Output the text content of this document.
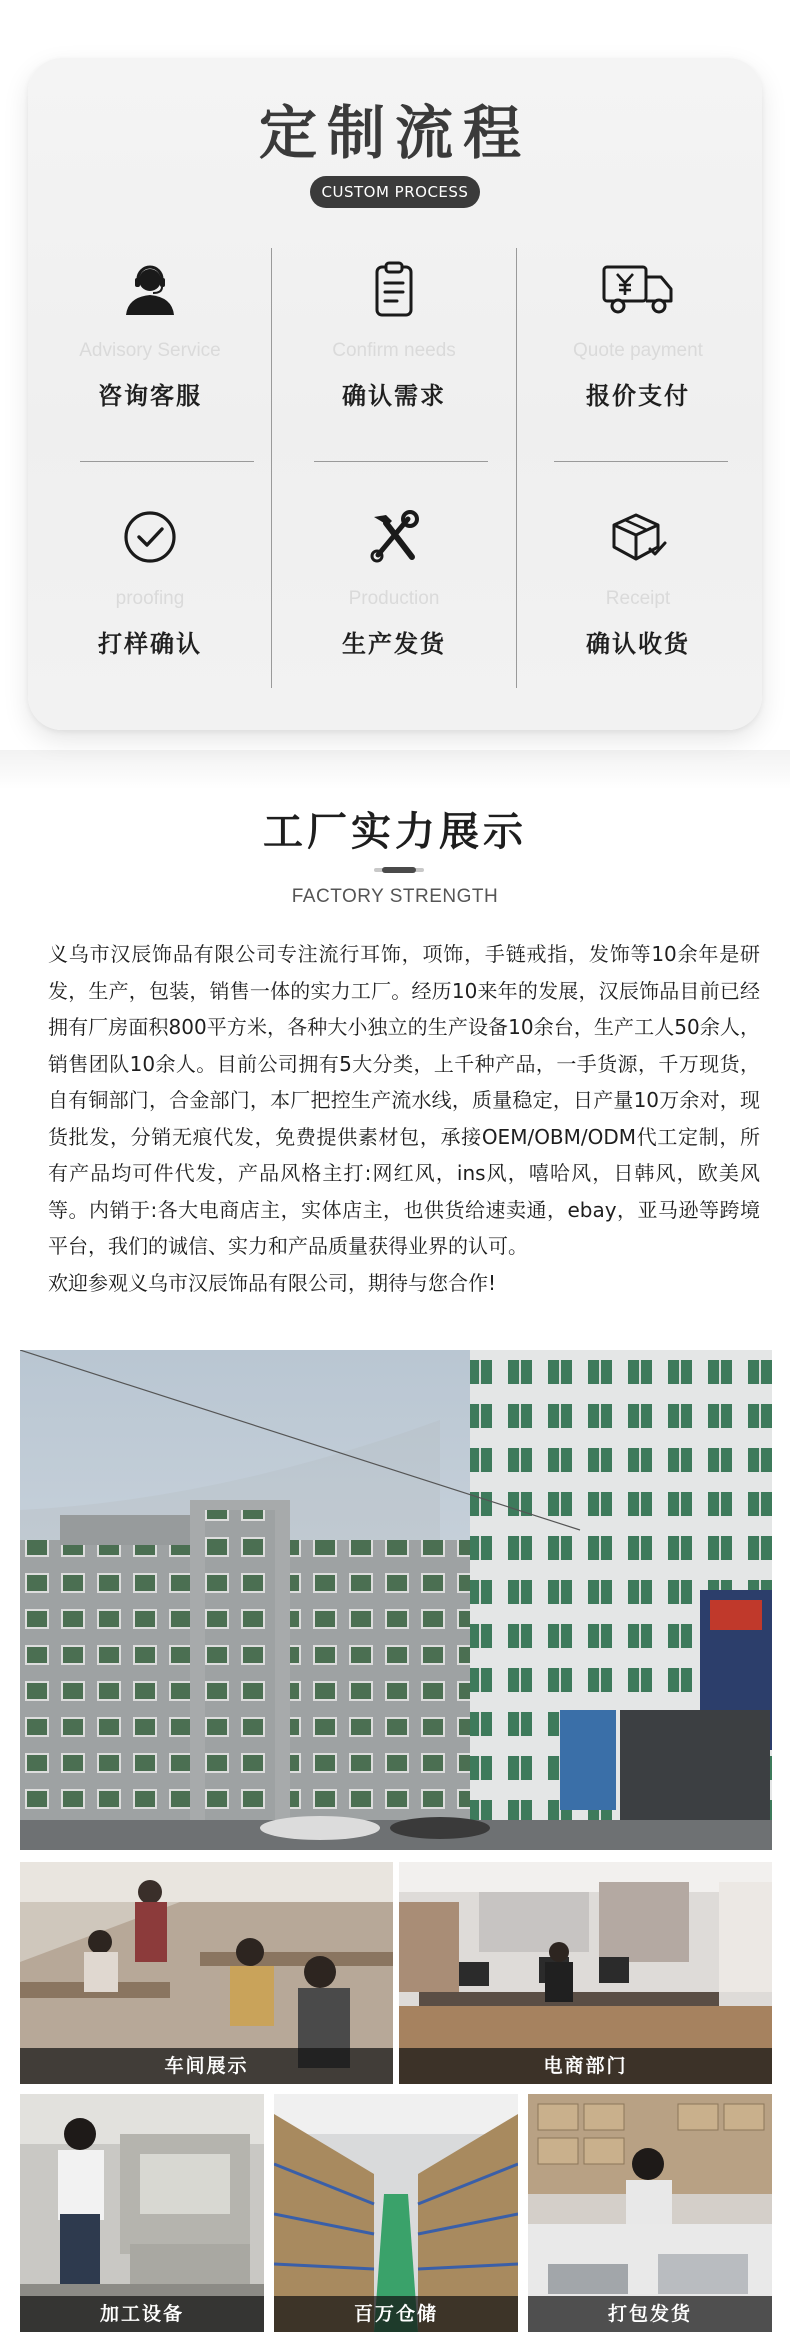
定制流程
CUSTOM PROCESS
Advisory Service
咨询客服
Confirm needs
确认需求
Quote payment
报价支付
proofing
打样确认
Production
生产发货
Receipt
确认收货
工厂实力展示
FACTORY STRENGTH

义乌市汉辰饰品有限公司专注流行耳饰，项饰，手链戒指，发饰等10余年是研发，生产，包装，销售一体的实力工厂。经历10来年的发展，汉辰饰品目前已经拥有厂房面积800平方米，各种大小独立的生产设备10余台，生产工人50余人，销售团队10余人。目前公司拥有5大分类，上千种产品，一手货源，千万现货，自有铜部门，合金部门，本厂把控生产流水线，质量稳定，日产量10万余对，现货批发，分销无痕代发，免费提供素材包，承接OEM/OBM/ODM代工定制，所有产品均可件代发，产品风格主打:网红风，ins风，嘻哈风，日韩风，欧美风等。内销于:各大电商店主，实体店主，也供货给速卖通，ebay，亚马逊等跨境平台，我们的诚信、实力和产品质量获得业界的认可。

欢迎参观义乌市汉辰饰品有限公司，期待与您合作!

车间展示	电商部门
加工设备	百万仓储	打包发货
